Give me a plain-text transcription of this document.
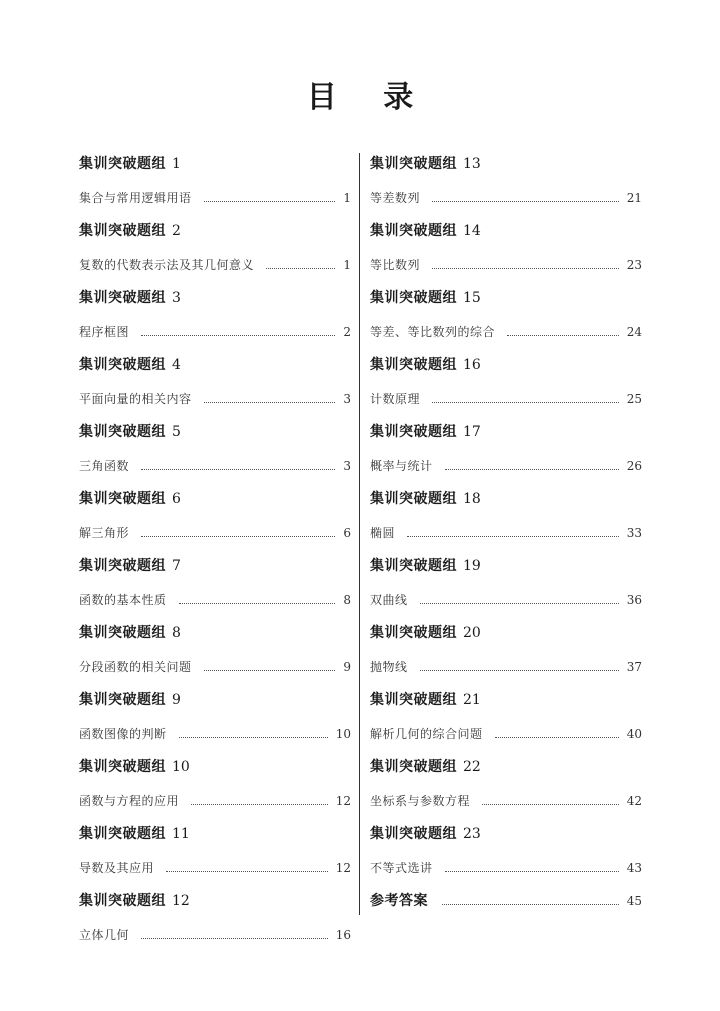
目 录
集训突破题组 1
集合与常用逻辑用语	1
集训突破题组 2
复数的代数表示法及其几何意义	1
集训突破题组 3
程序框图	2
集训突破题组 4
平面向量的相关内容	3
集训突破题组 5
三角函数	3
集训突破题组 6
解三角形	6
集训突破题组 7
函数的基本性质	8
集训突破题组 8
分段函数的相关问题	9
集训突破题组 9
函数图像的判断	10
集训突破题组 10
函数与方程的应用	12
集训突破题组 11
导数及其应用	12
集训突破题组 12
立体几何	16
集训突破题组 13
等差数列	21
集训突破题组 14
等比数列	23
集训突破题组 15
等差、等比数列的综合	24
集训突破题组 16
计数原理	25
集训突破题组 17
概率与统计	26
集训突破题组 18
椭圆	33
集训突破题组 19
双曲线	36
集训突破题组 20
抛物线	37
集训突破题组 21
解析几何的综合问题	40
集训突破题组 22
坐标系与参数方程	42
集训突破题组 23
不等式选讲	43
参考答案	45
